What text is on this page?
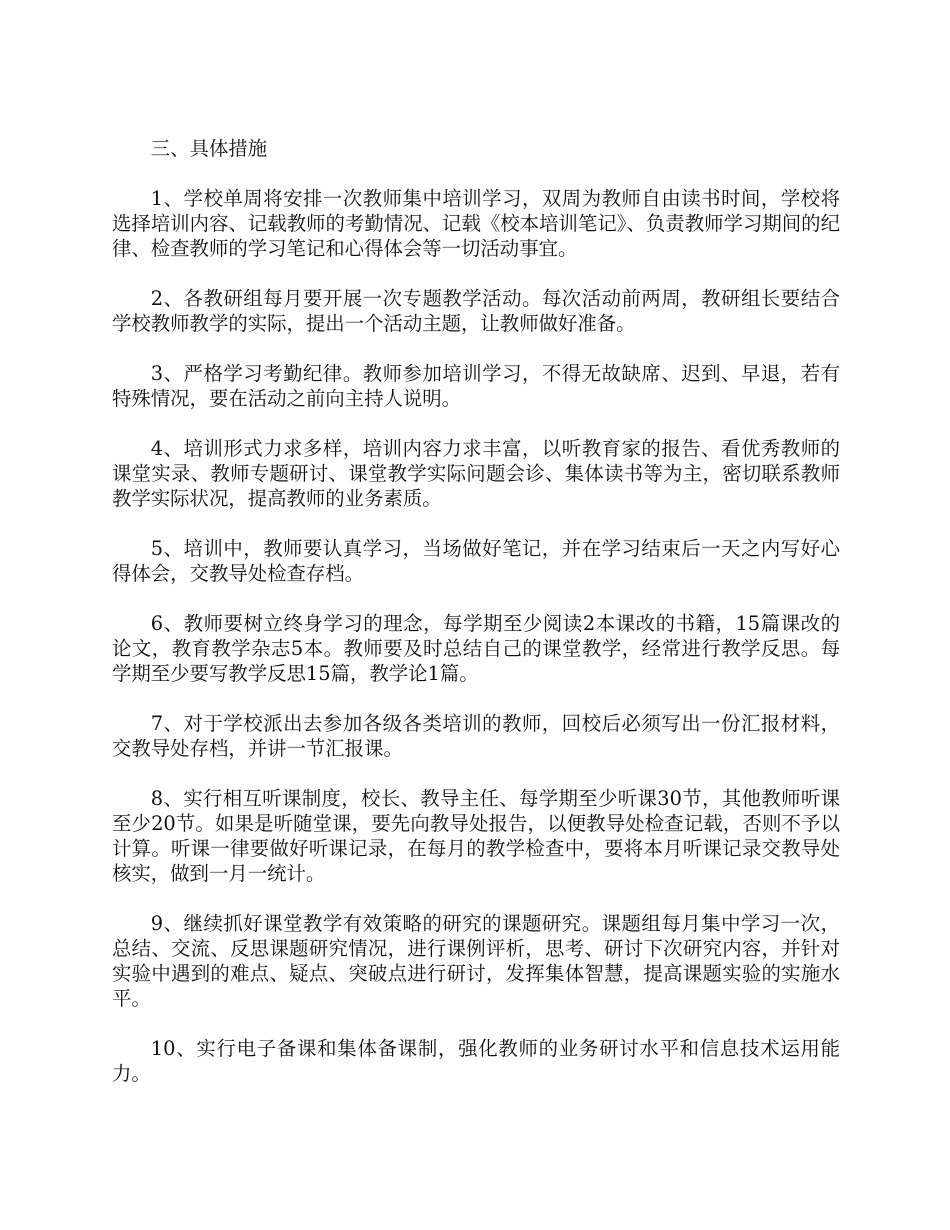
三、具体措施

1、学校单周将安排一次教师集中培训学习，双周为教师自由读书时间，学校将选择培训内容、记载教师的考勤情况、记载《校本培训笔记》、负责教师学习期间的纪律、检查教师的学习笔记和心得体会等一切活动事宜。

2、各教研组每月要开展一次专题教学活动。每次活动前两周，教研组长要结合学校教师教学的实际，提出一个活动主题，让教师做好准备。

3、严格学习考勤纪律。教师参加培训学习，不得无故缺席、迟到、早退，若有特殊情况，要在活动之前向主持人说明。

4、培训形式力求多样，培训内容力求丰富，以听教育家的报告、看优秀教师的课堂实录、教师专题研讨、课堂教学实际问题会诊、集体读书等为主，密切联系教师教学实际状况，提高教师的业务素质。

5、培训中，教师要认真学习，当场做好笔记，并在学习结束后一天之内写好心得体会，交教导处检查存档。

6、教师要树立终身学习的理念，每学期至少阅读2本课改的书籍，15篇课改的论文，教育教学杂志5本。教师要及时总结自己的课堂教学，经常进行教学反思。每学期至少要写教学反思15篇，教学论1篇。

7、对于学校派出去参加各级各类培训的教师，回校后必须写出一份汇报材料，交教导处存档，并讲一节汇报课。

8、实行相互听课制度，校长、教导主任、每学期至少听课30节，其他教师听课至少20节。如果是听随堂课，要先向教导处报告，以便教导处检查记载，否则不予以计算。听课一律要做好听课记录，在每月的教学检查中，要将本月听课记录交教导处核实，做到一月一统计。

9、继续抓好课堂教学有效策略的研究的课题研究。课题组每月集中学习一次，总结、交流、反思课题研究情况，进行课例评析，思考、研讨下次研究内容，并针对实验中遇到的难点、疑点、突破点进行研讨，发挥集体智慧，提高课题实验的实施水平。

10、实行电子备课和集体备课制，强化教师的业务研讨水平和信息技术运用能力。
